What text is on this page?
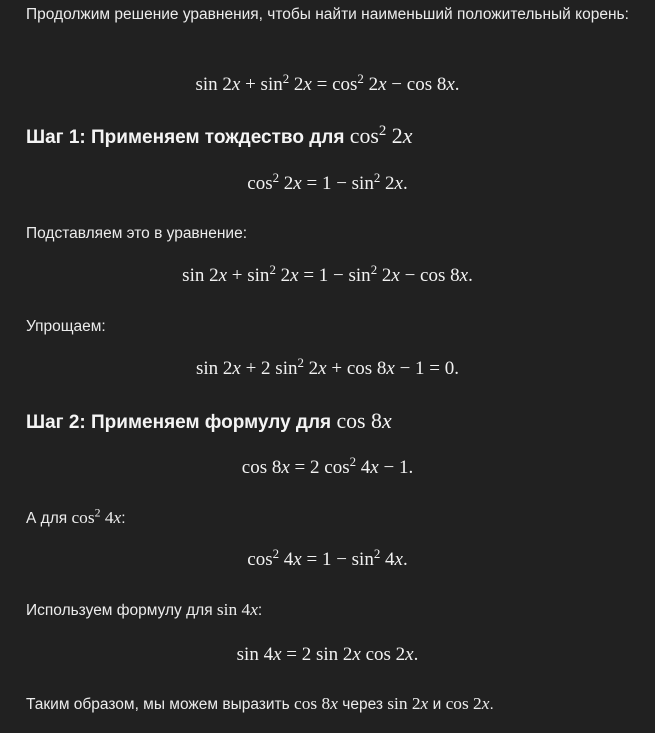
Продолжим решение уравнения, чтобы найти наименьший положительный корень:

$\sin 2x + \sin^2 2x = \cos^2 2x - \cos 8x$.
Шаг 1: Применяем тождество для $\cos^2 2x$
$\cos^2 2x = 1 - \sin^2 2x$.

Подставляем это в уравнение:

$\sin 2x + \sin^2 2x = 1 - \sin^2 2x - \cos 8x$.

Упрощаем:

sin 2x + 2 $\sin^2 2x + \cos 8x - 1 = 0$.
Шаг 2: Применяем формулу для cos 8x
cos 8x = 2 $\cos^2 4x - 1$.

А для $\cos^2 4x$:

$\cos^2 4x = 1 - \sin^2 4x$.

Используем формулу для sin 4x:

sin 4x = 2 sin 2x cos 2x.

Таким образом, мы можем выразить cos 8x через sin 2x и cos 2x.
